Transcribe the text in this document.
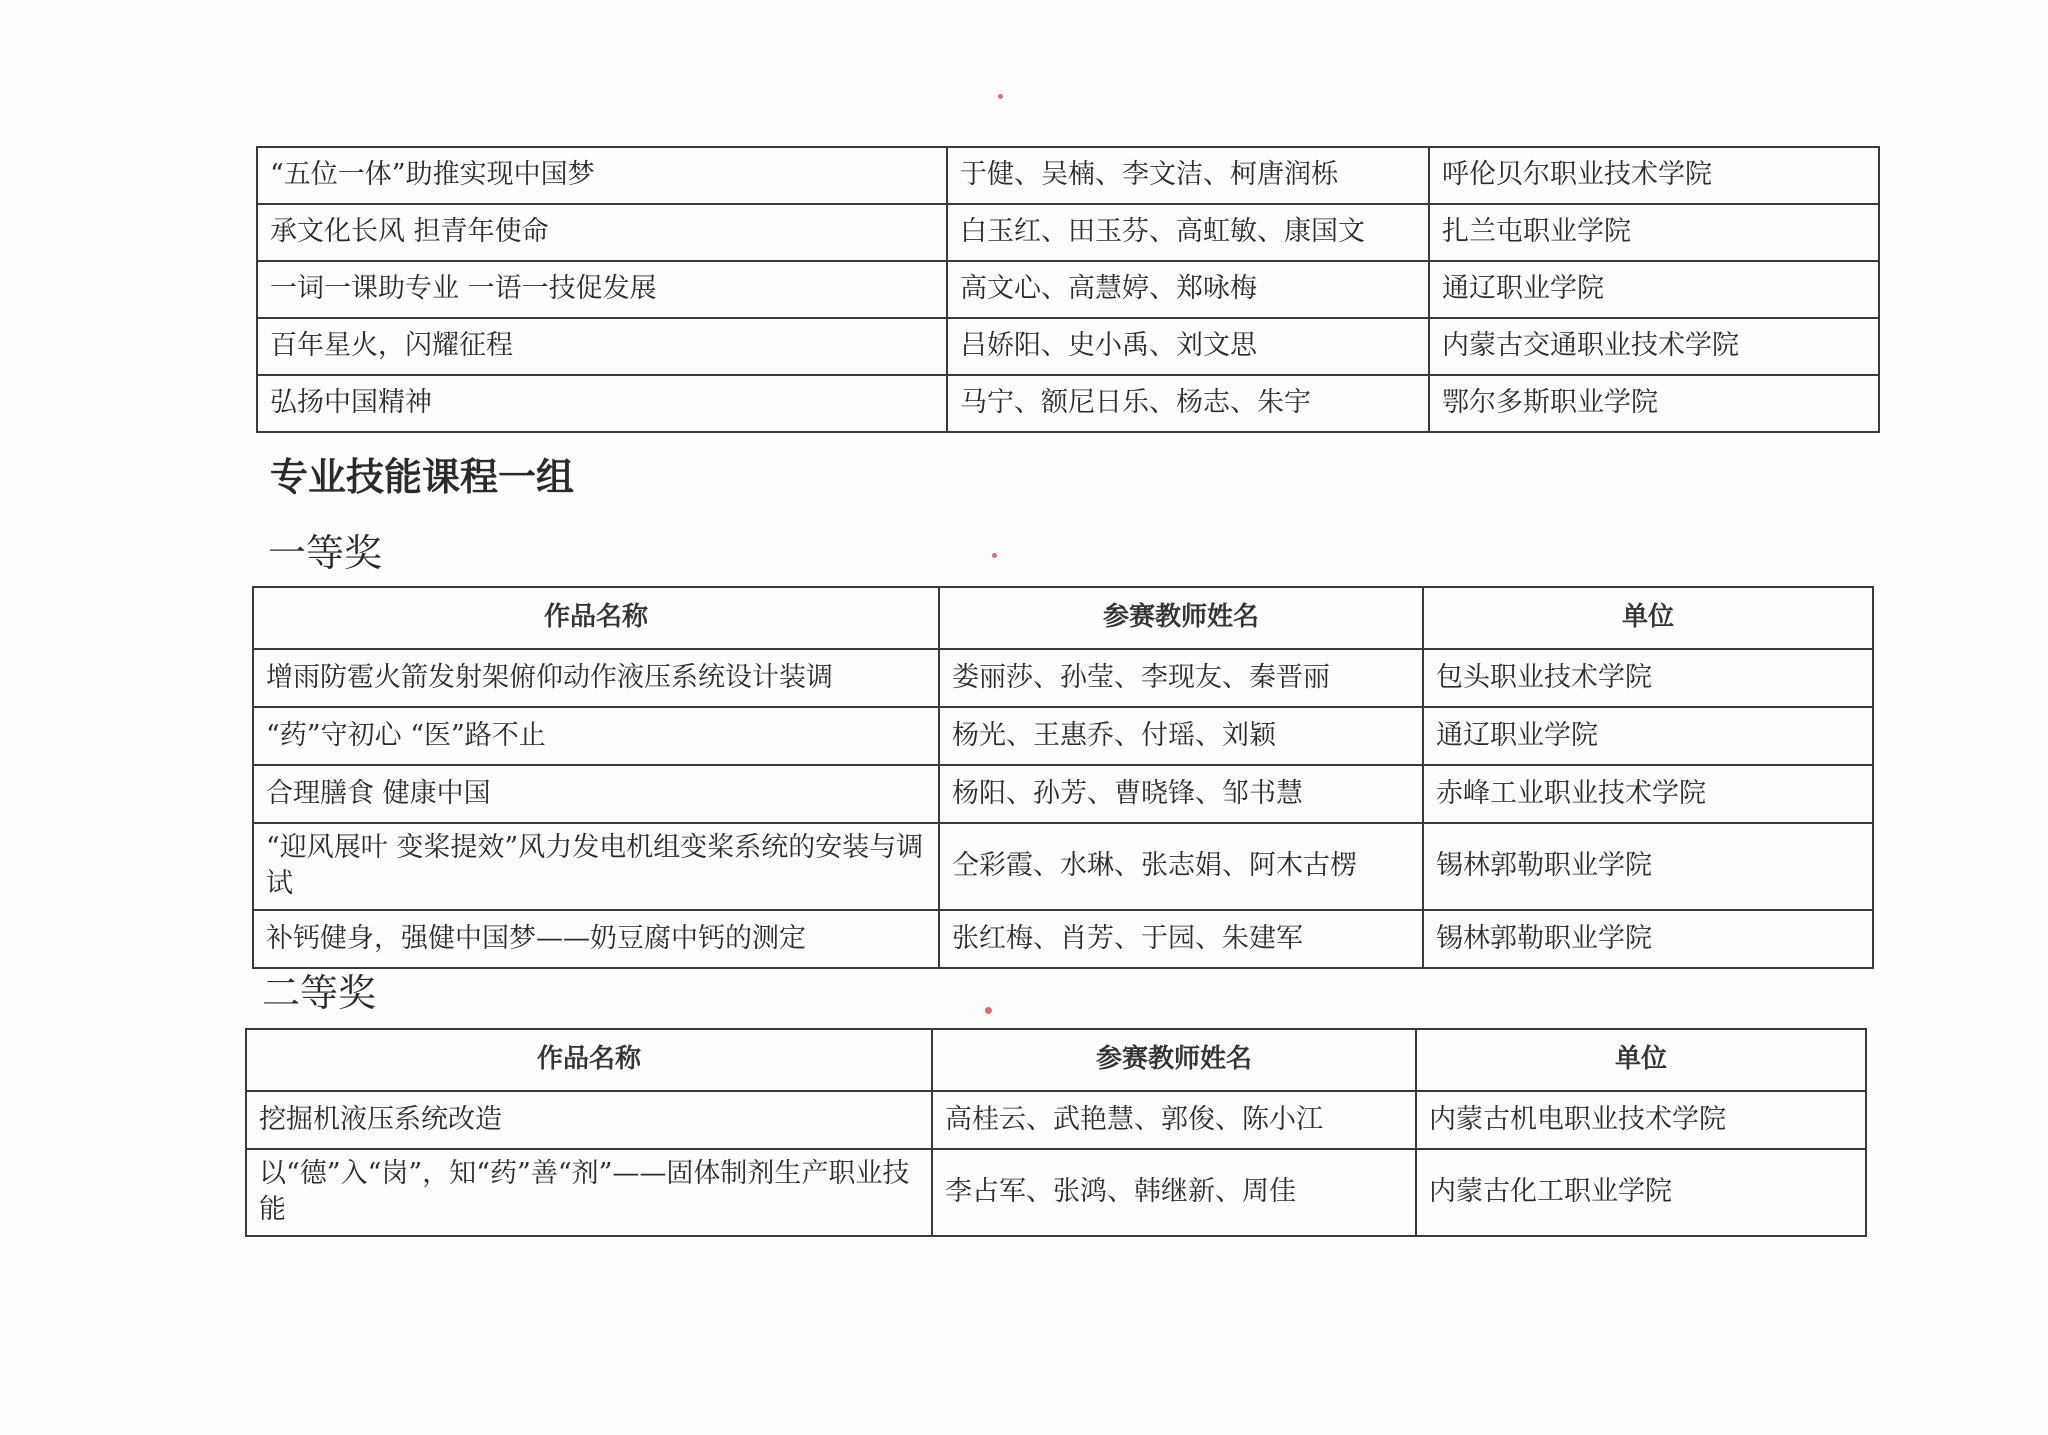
“五位一体”助推实现中国梦	于健、吴楠、李文洁、柯唐润栎	呼伦贝尔职业技术学院
承文化长风 担青年使命	白玉红、田玉芬、高虹敏、康国文	扎兰屯职业学院
一词一课助专业 一语一技促发展	高文心、高慧婷、郑咏梅	通辽职业学院
百年星火，闪耀征程	吕娇阳、史小禹、刘文思	内蒙古交通职业技术学院
弘扬中国精神	马宁、额尼日乐、杨志、朱宇	鄂尔多斯职业学院
专业技能课程一组
一等奖
作品名称	参赛教师姓名	单位
增雨防雹火箭发射架俯仰动作液压系统设计装调	娄丽莎、孙莹、李现友、秦晋丽	包头职业技术学院
“药”守初心 “医”路不止	杨光、王惠乔、付瑶、刘颖	通辽职业学院
合理膳食 健康中国	杨阳、孙芳、曹晓锋、邹书慧	赤峰工业职业技术学院
“迎风展叶 变桨提效”风力发电机组变桨系统的安装与调试	仝彩霞、水琳、张志娟、阿木古楞	锡林郭勒职业学院
补钙健身，强健中国梦——奶豆腐中钙的测定	张红梅、肖芳、于园、朱建军	锡林郭勒职业学院
二等奖
作品名称	参赛教师姓名	单位
挖掘机液压系统改造	高桂云、武艳慧、郭俊、陈小江	内蒙古机电职业技术学院
以“德”入“岗”，知“药”善“剂”——固体制剂生产职业技能	李占军、张鸿、韩继新、周佳	内蒙古化工职业学院
